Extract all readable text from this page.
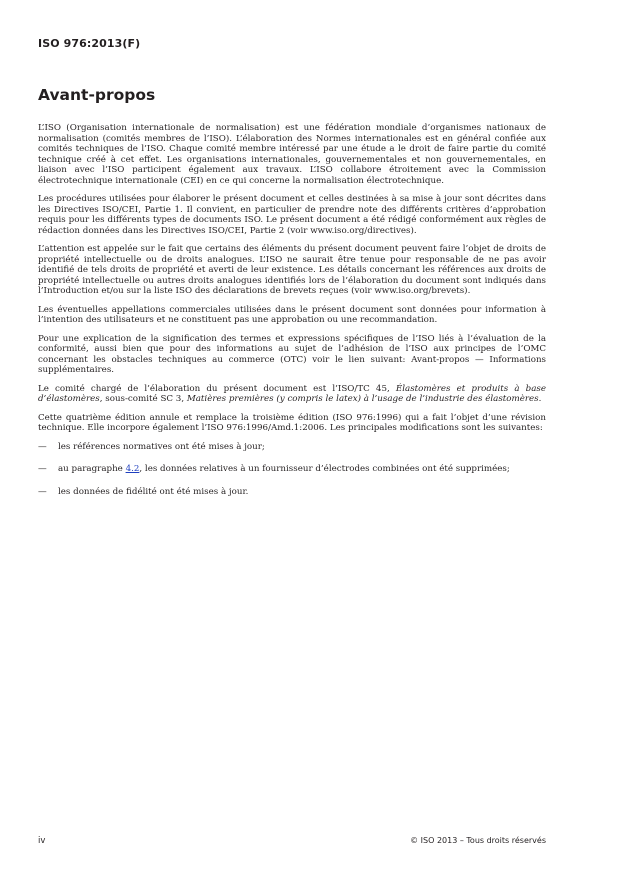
ISO 976:2013(F)
Avant-propos

L’ISO (Organisation internationale de normalisation) est une fédération mondiale d’organismes nationaux de normalisation (comités membres de l’ISO). L’élaboration des Normes internationales est en général confiée aux comités techniques de l’ISO. Chaque comité membre intéressé par une étude a le droit de faire partie du comité technique créé à cet effet. Les organisations internationales, gouvernementales et non gouvernementales, en liaison avec l’ISO participent également aux travaux. L’ISO collabore étroitement avec la Commission électrotechnique internationale (CEI) en ce qui concerne la normalisation électrotechnique.

Les procédures utilisées pour élaborer le présent document et celles destinées à sa mise à jour sont décrites dans les Directives ISO/CEI, Partie 1. Il convient, en particulier de prendre note des différents critères d’approbation requis pour les différents types de documents ISO. Le présent document a été rédigé conformément aux règles de rédaction données dans les Directives ISO/CEI, Partie 2 (voir www.iso.org/directives).

L’attention est appelée sur le fait que certains des éléments du présent document peuvent faire l’objet de droits de propriété intellectuelle ou de droits analogues. L’ISO ne saurait être tenue pour responsable de ne pas avoir identifié de tels droits de propriété et averti de leur existence. Les détails concernant les références aux droits de propriété intellectuelle ou autres droits analogues identifiés lors de l’élaboration du document sont indiqués dans l’Introduction et/ou sur la liste ISO des déclarations de brevets reçues (voir www.iso.org/brevets).

Les éventuelles appellations commerciales utilisées dans le présent document sont données pour information à l’intention des utilisateurs et ne constituent pas une approbation ou une recommandation.

Pour une explication de la signification des termes et expressions spécifiques de l’ISO liés à l’évaluation de la conformité, aussi bien que pour des informations au sujet de l’adhésion de l’ISO aux principes de l’OMC concernant les obstacles techniques au commerce (OTC) voir le lien suivant: Avant-propos — Informations supplémentaires.

Le comité chargé de l’élaboration du présent document est l’ISO/TC 45, Élastomères et produits à base d’élastomères, sous-comité SC 3, Matières premières (y compris le latex) à l’usage de l’industrie des élastomères.

Cette quatrième édition annule et remplace la troisième édition (ISO 976:1996) qui a fait l’objet d’une révision technique. Elle incorpore également l’ISO 976:1996/Amd.1:2006. Les principales modifications sont les suivantes:

—	les références normatives ont été mises à jour;
—	au paragraphe 4.2, les données relatives à un fournisseur d’électrodes combinées ont été supprimées;
—	les données de fidélité ont été mises à jour.
iv	© ISO 2013 – Tous droits réservés
